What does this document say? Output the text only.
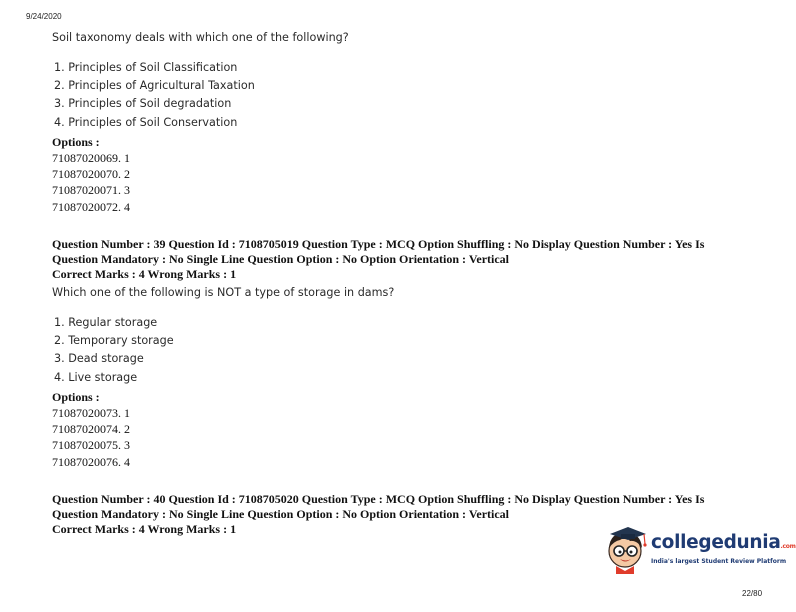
9/24/2020
Soil taxonomy deals with which one of the following?
1. Principles of Soil Classification
2. Principles of Agricultural Taxation
3. Principles of Soil degradation
4. Principles of Soil Conservation
Options :
71087020069. 1
71087020070. 2
71087020071. 3
71087020072. 4
Question Number : 39 Question Id : 7108705019 Question Type : MCQ Option Shuffling : No Display Question Number : Yes Is
Question Mandatory : No Single Line Question Option : No Option Orientation : Vertical
Correct Marks : 4 Wrong Marks : 1
Which one of the following is NOT a type of storage in dams?
1. Regular storage
2. Temporary storage
3. Dead storage
4. Live storage
Options :
71087020073. 1
71087020074. 2
71087020075. 3
71087020076. 4
Question Number : 40 Question Id : 7108705020 Question Type : MCQ Option Shuffling : No Display Question Number : Yes Is
Question Mandatory : No Single Line Question Option : No Option Orientation : Vertical
Correct Marks : 4 Wrong Marks : 1
collegedunia.com
India's largest Student Review Platform
22/80
